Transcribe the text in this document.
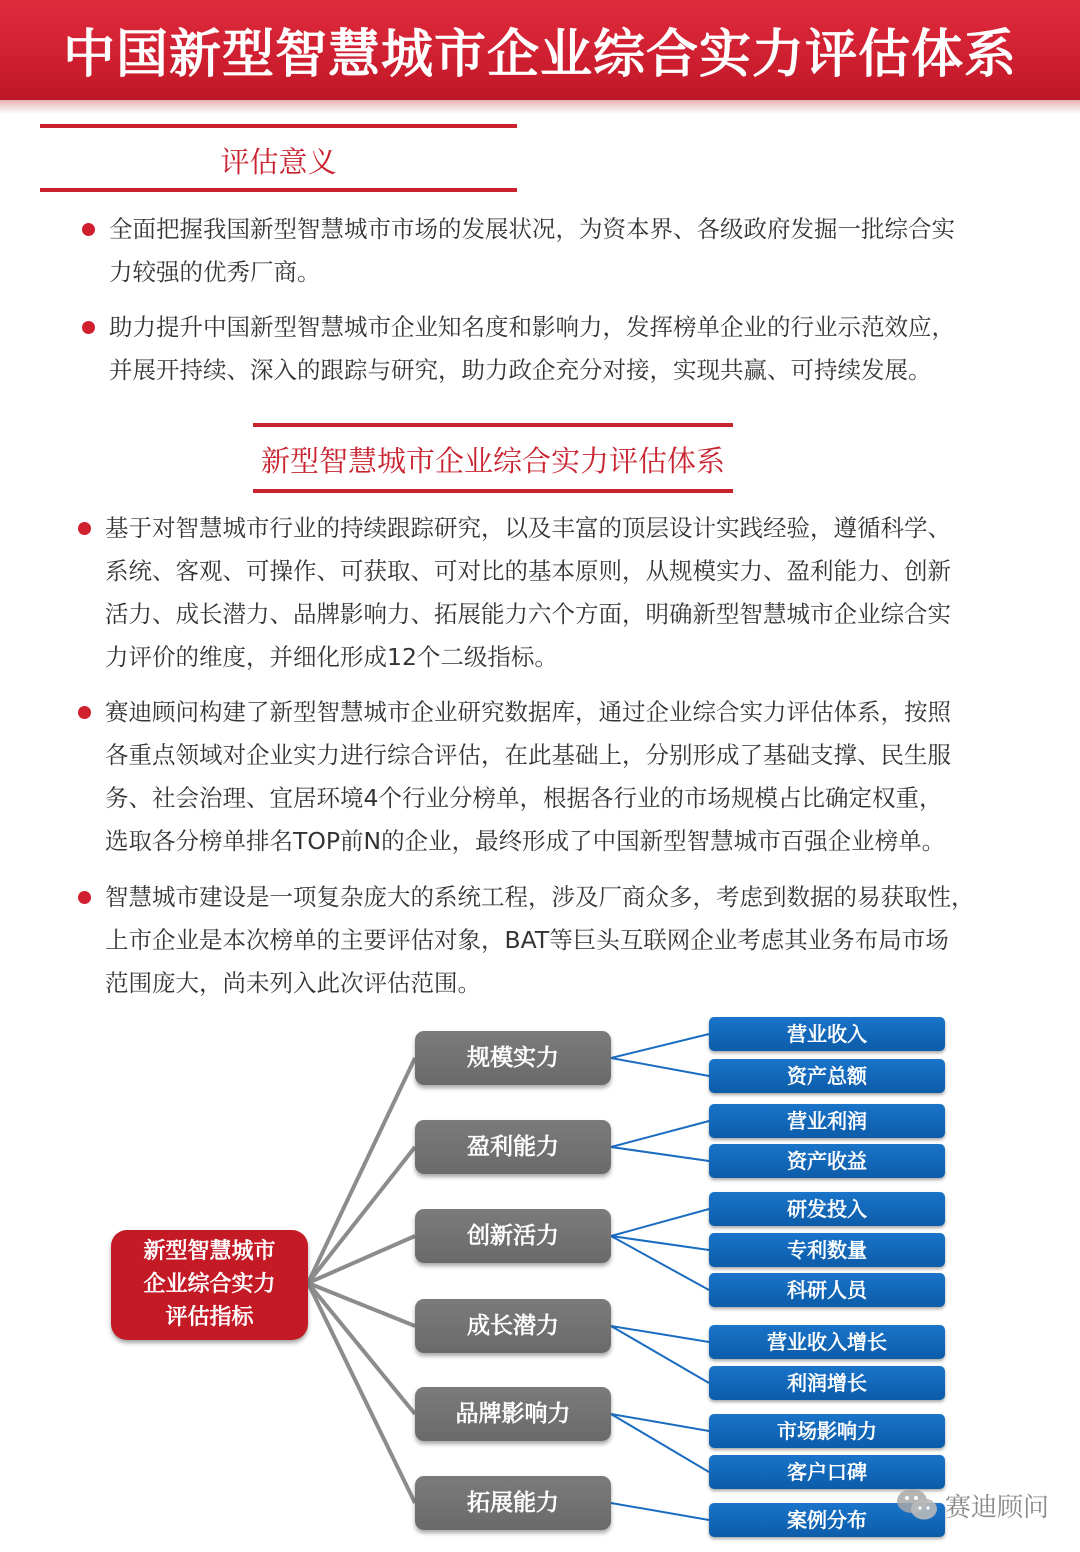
中国新型智慧城市企业综合实力评估体系
评估意义
全面把握我国新型智慧城市市场的发展状况，为资本界、各级政府发掘一批综合实
力较强的优秀厂商。
助力提升中国新型智慧城市企业知名度和影响力，发挥榜单企业的行业示范效应，
并展开持续、深入的跟踪与研究，助力政企充分对接，实现共赢、可持续发展。
新型智慧城市企业综合实力评估体系
基于对智慧城市行业的持续跟踪研究，以及丰富的顶层设计实践经验，遵循科学、
系统、客观、可操作、可获取、可对比的基本原则，从规模实力、盈利能力、创新
活力、成长潜力、品牌影响力、拓展能力六个方面，明确新型智慧城市企业综合实
力评价的维度，并细化形成12个二级指标。
赛迪顾问构建了新型智慧城市企业研究数据库，通过企业综合实力评估体系，按照
各重点领域对企业实力进行综合评估，在此基础上，分别形成了基础支撑、民生服
务、社会治理、宜居环境4个行业分榜单，根据各行业的市场规模占比确定权重，
选取各分榜单排名TOP前N的企业，最终形成了中国新型智慧城市百强企业榜单。
智慧城市建设是一项复杂庞大的系统工程，涉及厂商众多，考虑到数据的易获取性，
上市企业是本次榜单的主要评估对象，BAT等巨头互联网企业考虑其业务布局市场
范围庞大，尚未列入此次评估范围。
新型智慧城市
企业综合实力
评估指标
规模实力
盈利能力
创新活力
成长潜力
品牌影响力
拓展能力
营业收入
资产总额
营业利润
资产收益
研发投入
专利数量
科研人员
营业收入增长
利润增长
市场影响力
客户口碑
案例分布	赛迪顾问
